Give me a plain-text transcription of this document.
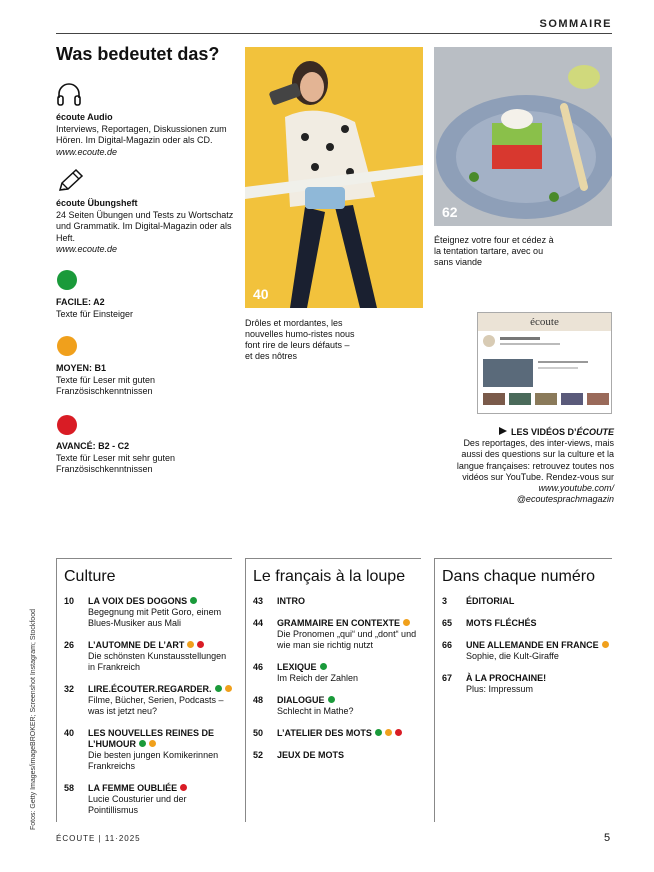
SOMMAIRE
Was bedeutet das?
écoute Audio
Interviews, Reportagen, Diskussionen zum Hören. Im Digital-Magazin oder als CD.
www.ecoute.de
écoute Übungsheft
24 Seiten Übungen und Tests zu Wortschatz und Grammatik. Im Digital-Magazin oder als Heft.
www.ecoute.de
FACILE: A2
Texte für Einsteiger
MOYEN: B1
Texte für Leser mit guten Französischkenntnissen
AVANCÉ: B2 - C2
Texte für Leser mit sehr guten Französischkenntnissen
40
Drôles et mordantes, les nouvelles humo-ristes nous font rire de leurs défauts – et des nôtres
62
Éteignez votre four et cédez à la tentation tartare, avec ou sans viande
écoute
LES VIDÉOS D’ÉCOUTE
Des reportages, des inter-views, mais aussi des questions sur la culture et la langue françaises: retrouvez toutes nos vidéos sur YouTube. Rendez-vous sur
www.youtube.com/
@ecoutesprachmagazin
Culture
10 LA VOIX DES DOGONS
Begegnung mit Petit Goro, einem Blues-Musiker aus Mali
26 L’AUTOMNE DE L’ART
Die schönsten Kunstausstellungen in Frankreich
32 LIRE.ÉCOUTER.REGARDER.
Filme, Bücher, Serien, Podcasts – was ist jetzt neu?
40 LES NOUVELLES REINES DE L’HUMOUR
Die besten jungen Komikerinnen Frankreichs
58 LA FEMME OUBLIÉE
Lucie Cousturier und der Pointillismus
Le français à la loupe
43 INTRO
44 GRAMMAIRE EN CONTEXTE
Die Pronomen „qui“ und „dont“ und wie man sie richtig nutzt
46 LEXIQUE
Im Reich der Zahlen
48 DIALOGUE
Schlecht in Mathe?
50 L’ATELIER DES MOTS
52 JEUX DE MOTS
Dans chaque numéro
3 ÉDITORIAL
65 MOTS FLÉCHÉS
66 UNE ALLEMANDE EN FRANCE
Sophie, die Kult-Giraffe
67 À LA PROCHAINE!
Plus: Impressum
Fotos: Getty Images/imageBROKER; Screenshot Instagram; Stockfood
ÉCOUTE | 11·2025	5
